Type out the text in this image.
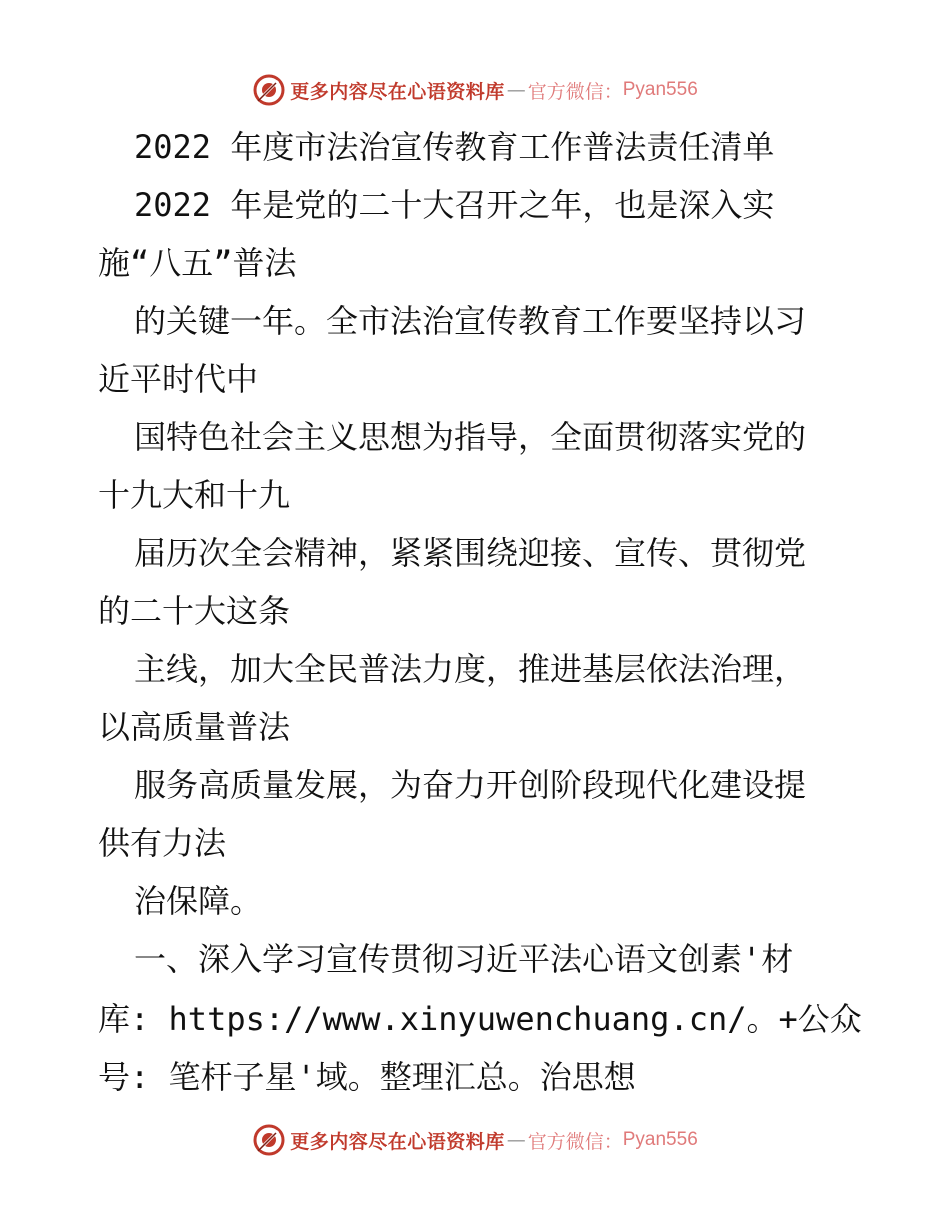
更多内容尽在心语资料库 — 官方微信： Pyan556
2022 年度市法治宣传教育工作普法责任清单
2022 年是党的二十大召开之年，也是深入实
施“八五”普法
的关键一年。全市法治宣传教育工作要坚持以习
近平时代中
国特色社会主义思想为指导，全面贯彻落实党的
十九大和十九
届历次全会精神，紧紧围绕迎接、宣传、贯彻党
的二十大这条
主线，加大全民普法力度，推进基层依法治理，
以高质量普法
服务高质量发展，为奋力开创阶段现代化建设提
供有力法
治保障。
一、深入学习宣传贯彻习近平法心语文创素'材
库: https://www.xinyuwenchuang.cn/。+公众
号: 笔杆子星'域。整理汇总。治思想
更多内容尽在心语资料库 — 官方微信： Pyan556
